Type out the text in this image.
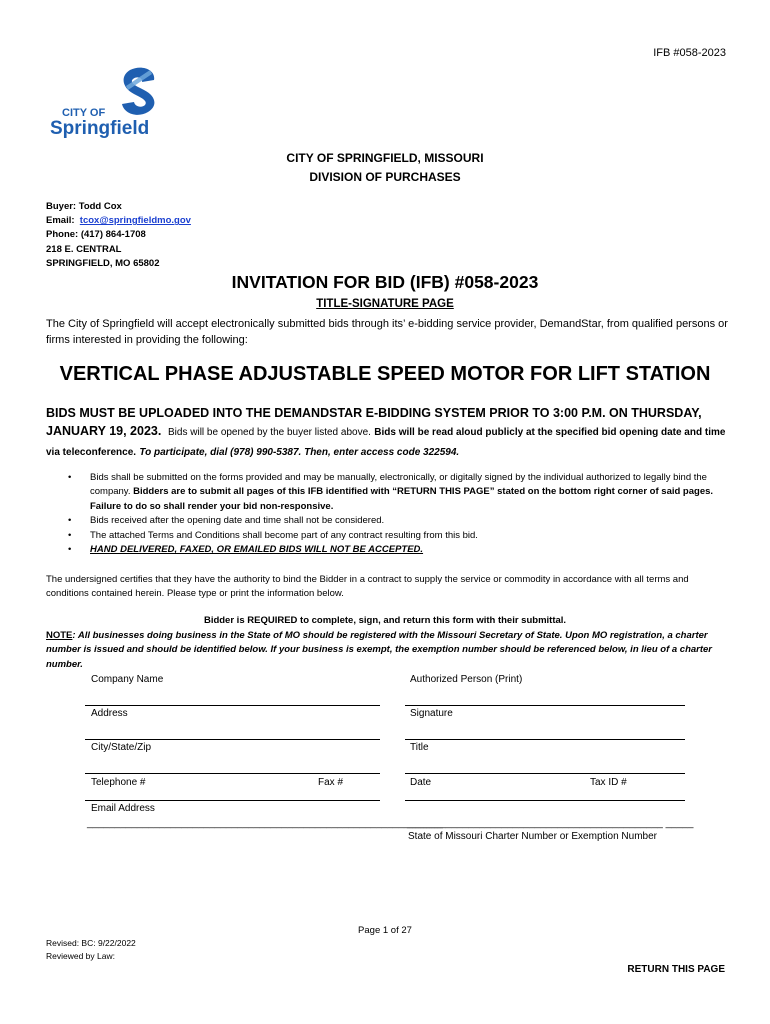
IFB #058-2023
CITY OF
Springfield
CITY OF SPRINGFIELD, MISSOURI
DIVISION OF PURCHASES
Buyer: Todd Cox
Email: tcox@springfieldmo.gov
Phone: (417) 864-1708
218 E. CENTRAL
SPRINGFIELD, MO 65802
INVITATION FOR BID (IFB) #058-2023
TITLE-SIGNATURE PAGE
The City of Springfield will accept electronically submitted bids through its’ e-bidding service provider, DemandStar, from qualified persons or firms interested in providing the following:
VERTICAL PHASE ADJUSTABLE SPEED MOTOR FOR LIFT STATION
BIDS MUST BE UPLOADED INTO THE DEMANDSTAR E-BIDDING SYSTEM PRIOR TO 3:00 P.M. ON THURSDAY, JANUARY 19, 2023. Bids will be opened by the buyer listed above. Bids will be read aloud publicly at the specified bid opening date and time via teleconference. To participate, dial (978) 990-5387. Then, enter access code 322594.
• Bids shall be submitted on the forms provided and may be manually, electronically, or digitally signed by the individual authorized to legally bind the company. Bidders are to submit all pages of this IFB identified with “RETURN THIS PAGE” stated on the bottom right corner of said pages. Failure to do so shall render your bid non-responsive.
• Bids received after the opening date and time shall not be considered.
• The attached Terms and Conditions shall become part of any contract resulting from this bid.
• HAND DELIVERED, FAXED, OR EMAILED BIDS WILL NOT BE ACCEPTED.
The undersigned certifies that they have the authority to bind the Bidder in a contract to supply the service or commodity in accordance with all terms and conditions contained herein. Please type or print the information below.
Bidder is REQUIRED to complete, sign, and return this form with their submittal.
NOTE: All businesses doing business in the State of MO should be registered with the Missouri Secretary of State. Upon MO registration, a charter number is issued and should be identified below. If your business is exempt, the exemption number should be referenced below, in lieu of a charter number.
Company Name	Authorized Person (Print)
Address	Signature
City/State/Zip	Title
Telephone #	Fax #	Date	Tax ID #
Email Address
________________________________________________________________
______________________________________________ _____
State of Missouri Charter Number or Exemption Number
Page 1 of 27
Revised: BC: 9/22/2022
Reviewed by Law:
RETURN THIS PAGE
